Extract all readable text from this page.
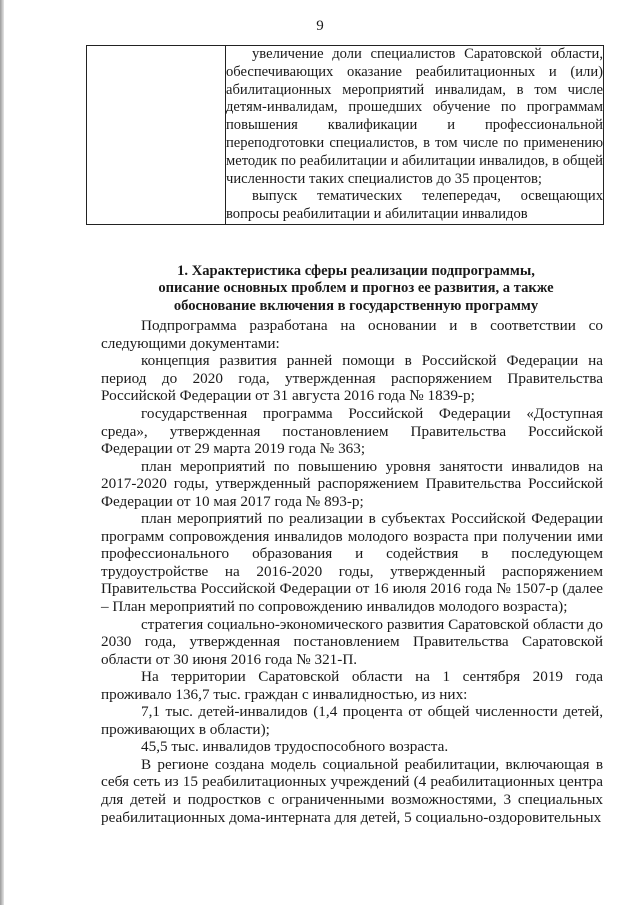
9

увеличение доли специалистов Саратовской области, обеспечивающих оказание реабилитационных и (или) абилитационных мероприятий инвалидам, в том числе детям-инвалидам, прошедших обучение по программам повышения квалификации и профессиональной переподготовки специалистов, в том числе по применению методик по реабилитации и абилитации инвалидов, в общей численности таких специалистов до 35 процентов;

выпуск тематических телепередач, освещающих вопросы реабилитации и абилитации инвалидов

1. Характеристика сферы реализации подпрограммы,

описание основных проблем и прогноз ее развития, а также

обоснование включения в государственную программу

Подпрограмма разработана на основании и в соответствии со следующими документами:

концепция развития ранней помощи в Российской Федерации на период до 2020 года, утвержденная распоряжением Правительства Российской Федерации от 31 августа 2016 года № 1839-р;

государственная программа Российской Федерации «Доступная среда», утвержденная постановлением Правительства Российской Федерации от 29 марта 2019 года № 363;

план мероприятий по повышению уровня занятости инвалидов на 2017-2020 годы, утвержденный распоряжением Правительства Российской Федерации от 10 мая 2017 года № 893-р;

план мероприятий по реализации в субъектах Российской Федерации программ сопровождения инвалидов молодого возраста при получении ими профессионального образования и содействия в последующем трудоустройстве на 2016-2020 годы, утвержденный распоряжением Правительства Российской Федерации от 16 июля 2016 года № 1507-р (далее – План мероприятий по сопровождению инвалидов молодого возраста);

стратегия социально-экономического развития Саратовской области до 2030 года, утвержденная постановлением Правительства Саратовской области от 30 июня 2016 года № 321-П.

На территории Саратовской области на 1 сентября 2019 года проживало 136,7 тыс. граждан с инвалидностью, из них:

7,1 тыс. детей-инвалидов (1,4 процента от общей численности детей, проживающих в области);

45,5 тыс. инвалидов трудоспособного возраста.

В регионе создана модель социальной реабилитации, включающая в себя сеть из 15 реабилитационных учреждений (4 реабилитационных центра для детей и подростков с ограниченными возможностями, 3 специальных реабилитационных дома-интерната для детей, 5 социально-оздоровительных
